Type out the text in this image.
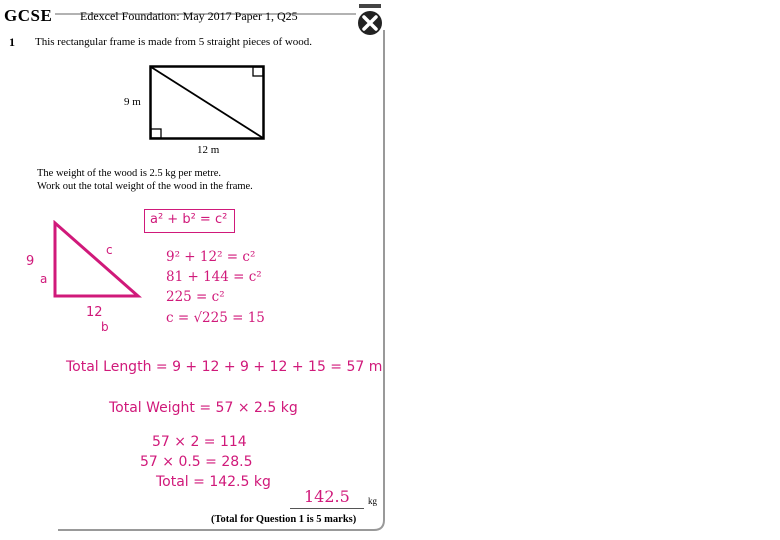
GCSE Edexcel Foundation: May 2017 Paper 1, Q25
1 This rectangular frame is made from 5 straight pieces of wood.
9 m
12 m
The weight of the wood is 2.5 kg per metre.
Work out the total weight of the wood in the frame.
a² + b² = c²
9
a
c
12
b
9² + 12² = c²
81 + 144 = c²
225 = c²
c = √225 = 15
Total Length = 9 + 12 + 9 + 12 + 15 = 57 m
Total Weight = 57 × 2.5 kg
57 × 2 = 114
57 × 0.5 = 28.5
Total = 142.5 kg
142.5 kg
(Total for Question 1 is 5 marks)
